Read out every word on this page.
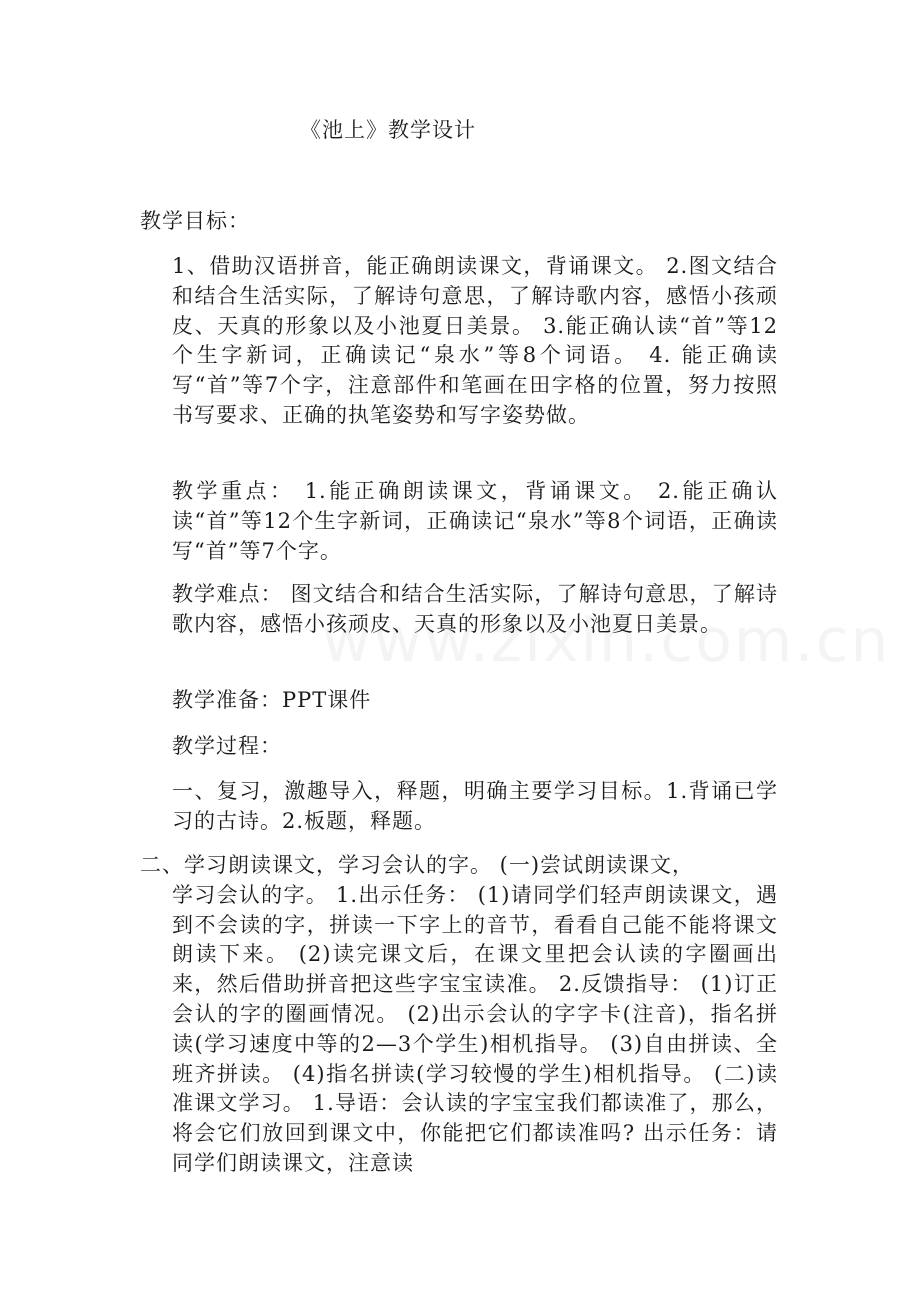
《池上》教学设计
教学目标：
1、借助汉语拼音，能正确朗读课文，背诵课文。 2.图文结合和结合生活实际，了解诗句意思，了解诗歌内容，感悟小孩顽皮、天真的形象以及小池夏日美景。 3.能正确认读“首”等12个生字新词，正确读记“泉水”等8个词语。 4. 能正确读写“首”等7个字，注意部件和笔画在田字格的位置，努力按照书写要求、正确的执笔姿势和写字姿势做。
教学重点： 1.能正确朗读课文，背诵课文。 2.能正确认读“首”等12个生字新词，正确读记“泉水”等8个词语，正确读写“首”等7个字。
教学难点： 图文结合和结合生活实际，了解诗句意思，了解诗歌内容，感悟小孩顽皮、天真的形象以及小池夏日美景。
教学准备：PPT课件
教学过程：
一、复习，激趣导入，释题，明确主要学习目标。1.背诵已学习的古诗。2.板题，释题。
二、学习朗读课文，学习会认的字。 (一)尝试朗读课文，
学习会认的字。 1.出示任务： (1)请同学们轻声朗读课文，遇到不会读的字，拼读一下字上的音节，看看自己能不能将课文朗读下来。 (2)读完课文后，在课文里把会认读的字圈画出来，然后借助拼音把这些字宝宝读准。 2.反馈指导： (1)订正会认的字的圈画情况。 (2)出示会认的字字卡(注音)，指名拼读(学习速度中等的2—3个学生)相机指导。 (3)自由拼读、全班齐拼读。 (4)指名拼读(学习较慢的学生)相机指导。 (二)读准课文学习。 1.导语：会认读的字宝宝我们都读准了，那么，将会它们放回到课文中，你能把它们都读准吗? 出示任务：请同学们朗读课文，注意读
